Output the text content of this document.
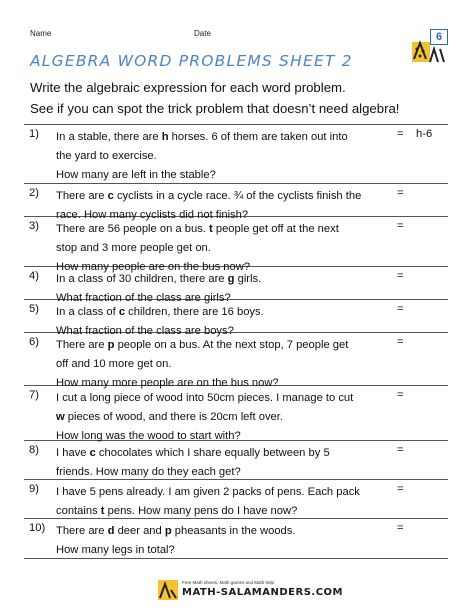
Name	Date	6
ALGEBRA WORD PROBLEMS SHEET 2
Write the algebraic expression for each word problem.
See if you can spot the trick problem that doesn’t need algebra!
1)	In a stable, there are h horses. 6 of them are taken out into
the yard to exercise.
How many are left in the stable?
= h-6
2)	There are c cyclists in a cycle race. ¾ of the cyclists finish the
race. How many cyclists did not finish?
=
3)	There are 56 people on a bus. t people get off at the next
stop and 3 more people get on.
How many people are on the bus now?
=
4)	In a class of 30 children, there are g girls.
What fraction of the class are girls?
=
5)	In a class of c children, there are 16 boys.
What fraction of the class are boys?
=
6)	There are p people on a bus. At the next stop, 7 people get
off and 10 more get on.
How many more people are on the bus now?
=
7)	I cut a long piece of wood into 50cm pieces. I manage to cut
w pieces of wood, and there is 20cm left over.
How long was the wood to start with?
=
8)	I have c chocolates which I share equally between by 5
friends. How many do they each get?
=
9)	I have 5 pens already. I am given 2 packs of pens. Each pack
contains t pens. How many pens do I have now?
=
10) There are d deer and p pheasants in the woods.
How many legs in total?
=
Free Math sheets, Math games and Math help
MATH-SALAMANDERS.COM
